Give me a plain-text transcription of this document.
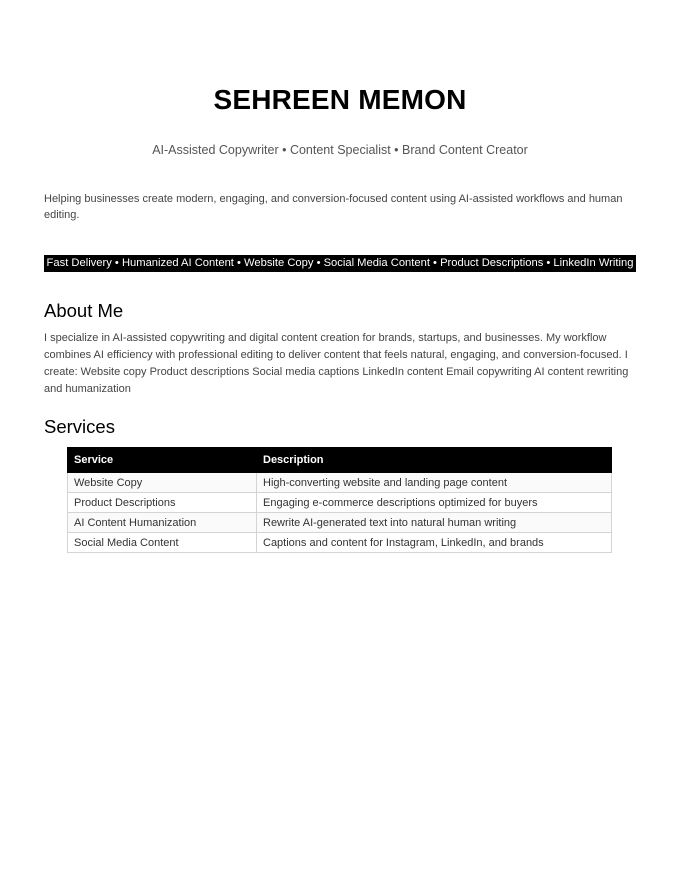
SEHREEN MEMON

AI-Assisted Copywriter • Content Specialist • Brand Content Creator

Helping businesses create modern, engaging, and conversion-focused content using AI-assisted workflows and human editing.

Fast Delivery • Humanized AI Content • Website Copy • Social Media Content • Product Descriptions • LinkedIn Writing
About Me

I specialize in AI-assisted copywriting and digital content creation for brands, startups, and businesses. My workflow combines AI efficiency with professional editing to deliver content that feels natural, engaging, and conversion-focused. I create: Website copy Product descriptions Social media captions LinkedIn content Email copywriting AI content rewriting and humanization

Services
Service	Description
Website Copy	High-converting website and landing page content
Product Descriptions	Engaging e-commerce descriptions optimized for buyers
AI Content Humanization	Rewrite AI-generated text into natural human writing
Social Media Content	Captions and content for Instagram, LinkedIn, and brands
